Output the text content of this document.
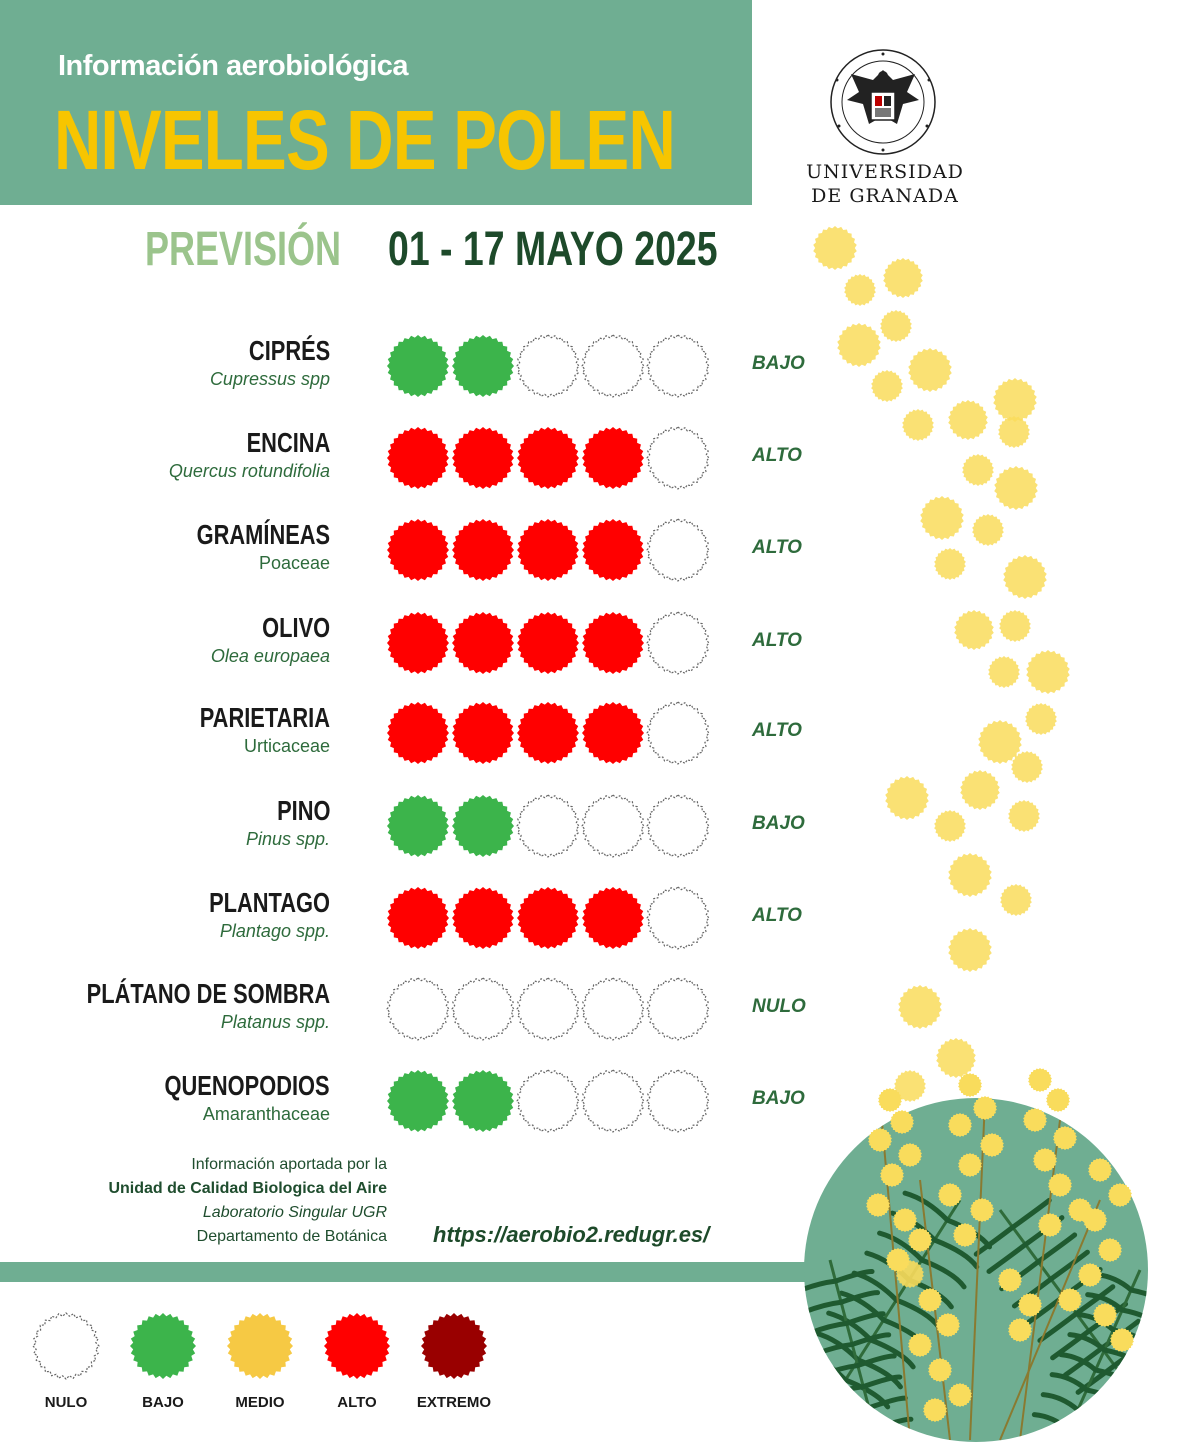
Información aerobiológica
NIVELES DE POLEN	UNIVERSIDAD
DE GRANADA
PREVISIÓN 01 - 17 MAYO 2025
CIPRÉS
Cupressus spp
BAJO
ENCINA
Quercus rotundifolia
ALTO
GRAMÍNEAS
Poaceae
ALTO
OLIVO
Olea europaea
ALTO
PARIETARIA
Urticaceae
ALTO
PINO
Pinus spp.
BAJO
PLANTAGO
Plantago spp.
ALTO
PLÁTANO DE SOMBRA
Platanus spp.
NULO
QUENOPODIOS
Amaranthaceae
BAJO
Información aportada por la
Unidad de Calidad Biologica del Aire
Laboratorio Singular UGR
Departamento de Botánica https://aerobio2.redugr.es/
NULO	BAJO	MEDIO	ALTO	EXTREMO
